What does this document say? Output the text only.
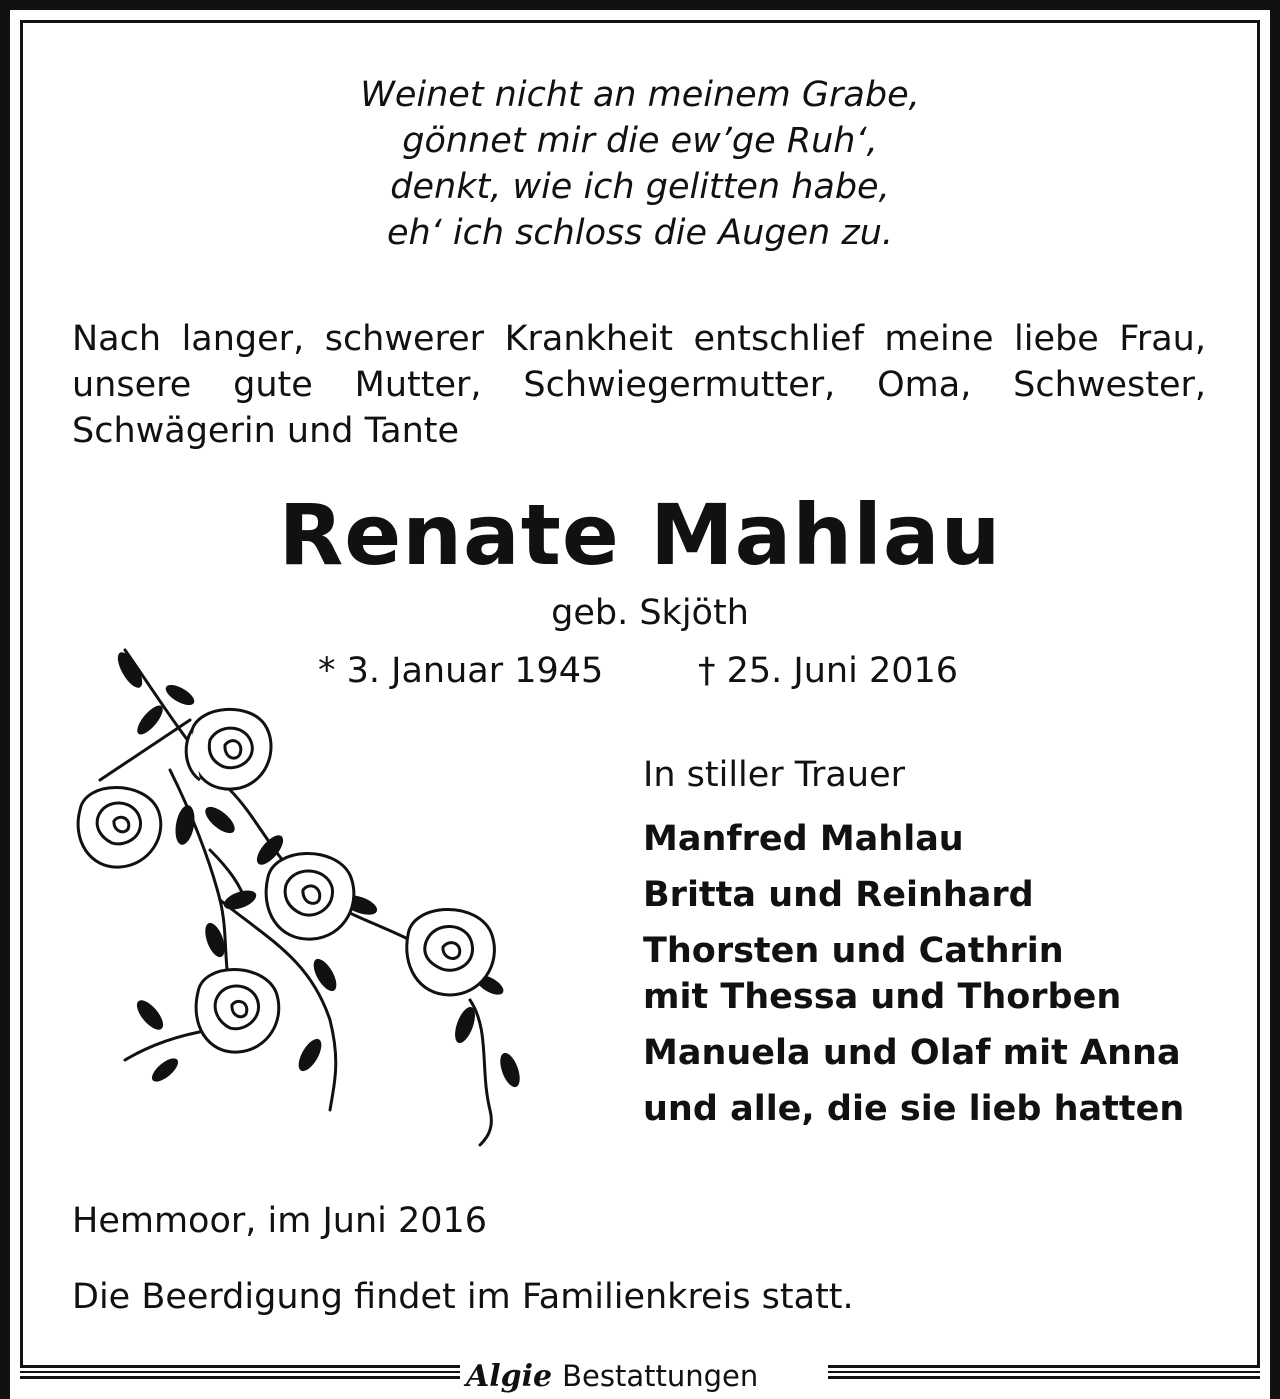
Weinet nicht an meinem Grabe,
gönnet mir die ew’ge Ruh‘,
denkt, wie ich gelitten habe,
eh‘ ich schloss die Augen zu.
Nach langer, schwerer Krankheit entschlief meine liebe Frau,
unsere gute Mutter, Schwiegermutter, Oma, Schwester,
Schwägerin und Tante
Renate Mahlau
geb. Skjöth
* 3. Januar 1945	† 25. Juni 2016
In stiller Trauer
Manfred Mahlau
Britta und Reinhard
Thorsten und Cathrin
mit Thessa und Thorben
Manuela und Olaf mit Anna
und alle, die sie lieb hatten
Hemmoor, im Juni 2016
Die Beerdigung findet im Familienkreis statt.
Algie Bestattungen
